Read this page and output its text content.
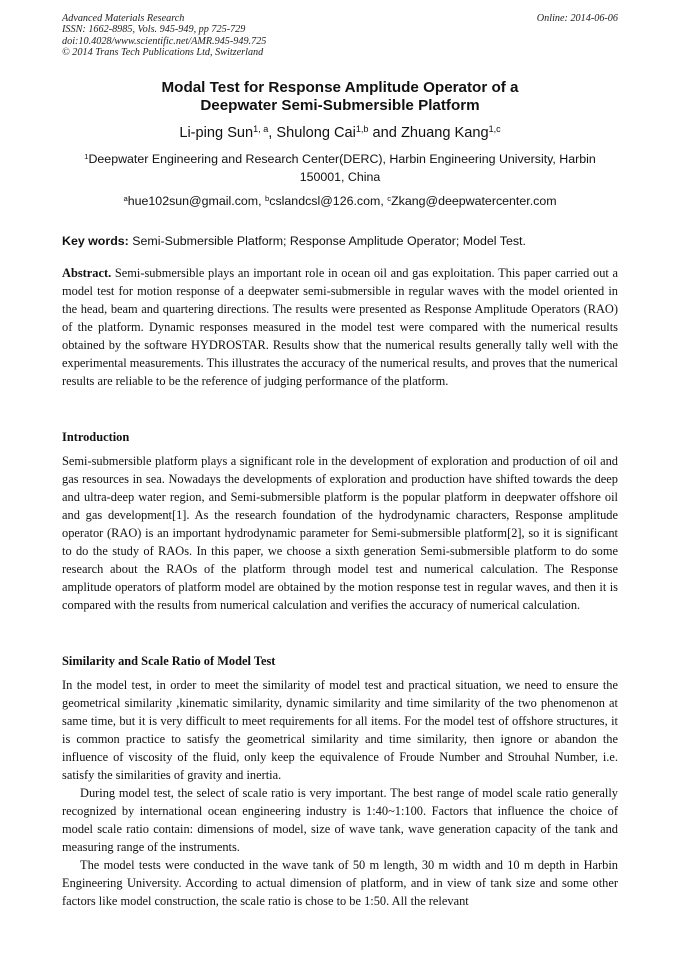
Advanced Materials Research
ISSN: 1662-8985, Vols. 945-949, pp 725-729
doi:10.4028/www.scientific.net/AMR.945-949.725
© 2014 Trans Tech Publications Ltd, Switzerland
Online: 2014-06-06
Modal Test for Response Amplitude Operator of a
Deepwater Semi-Submersible Platform
Li-ping Sun$^{1, a}$, Shulong Cai$^{1,b}$ and Zhuang Kang$^{1,c}$
$^1$Deepwater Engineering and Research Center(DERC), Harbin Engineering University, Harbin
150001, China
$^a$hue102sun@gmail.com, $^b$cslandcsl@126.com, $^c$Zkang@deepwatercenter.com
Key words: Semi-Submersible Platform; Response Amplitude Operator; Model Test.
Abstract. Semi-submersible plays an important role in ocean oil and gas exploitation. This paper carried out a model test for motion response of a deepwater semi-submersible in regular waves with the model oriented in the head, beam and quartering directions. The results were presented as Response Amplitude Operators (RAO) of the platform. Dynamic responses measured in the model test were compared with the numerical results obtained by the software HYDROSTAR. Results show that the numerical results generally tally well with the experimental measurements. This illustrates the accuracy of the numerical results, and proves that the numerical results are reliable to be the reference of judging performance of the platform.
Introduction
Semi-submersible platform plays a significant role in the development of exploration and production of oil and gas resources in sea. Nowadays the developments of exploration and production have shifted towards the deep and ultra-deep water region, and Semi-submersible platform is the popular platform in deepwater offshore oil and gas development[1]. As the research foundation of the hydrodynamic characters, Response amplitude operator (RAO) is an important hydrodynamic parameter for Semi-submersible platform[2], so it is significant to do the study of RAOs. In this paper, we choose a sixth generation Semi-submersible platform to do some research about the RAOs of the platform through model test and numerical calculation. The Response amplitude operators of platform model are obtained by the motion response test in regular waves, and then it is compared with the results from numerical calculation and verifies the accuracy of numerical calculation.
Similarity and Scale Ratio of Model Test
In the model test, in order to meet the similarity of model test and practical situation, we need to ensure the geometrical similarity ,kinematic similarity, dynamic similarity and time similarity of the two phenomenon at same time, but it is very difficult to meet requirements for all items. For the model test of offshore structures, it is common practice to satisfy the geometrical similarity and time similarity, then ignore or abandon the influence of viscosity of the fluid, only keep the equivalence of Froude Number and Strouhal Number, i.e. satisfy the similarities of gravity and inertia.
During model test, the select of scale ratio is very important. The best range of model scale ratio generally recognized by international ocean engineering industry is 1:40~1:100. Factors that influence the choice of model scale ratio contain: dimensions of model, size of wave tank, wave generation capacity of the tank and measuring range of the instruments.
The model tests were conducted in the wave tank of 50 m length, 30 m width and 10 m depth in Harbin Engineering University. According to actual dimension of platform, and in view of tank size and some other factors like model construction, the scale ratio is chose to be 1:50. All the relevant
